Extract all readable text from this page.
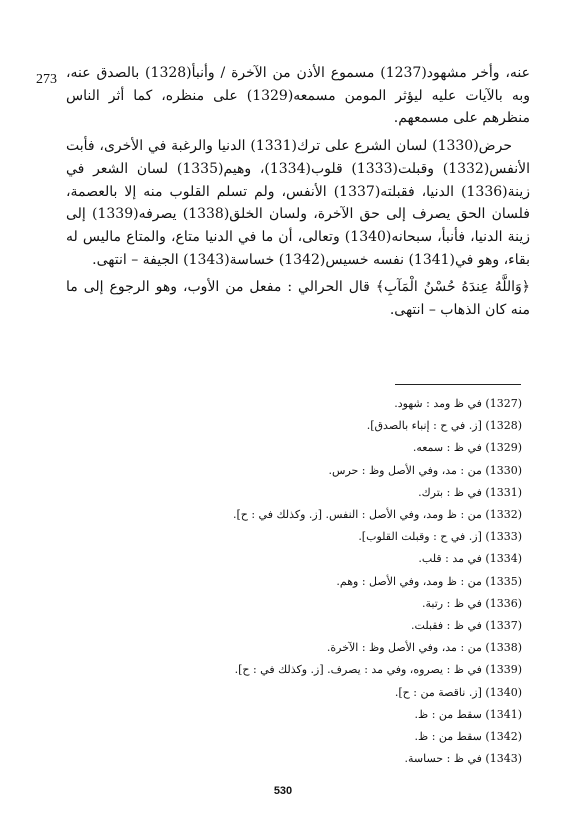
273 عنه، وأخر مشهود(1237) مسموع الأذن من الآخرة / وأنبأ(1328) بالصدق عنه، وبه بالآيات عليه ليؤثر المومن مسمعه(1329) على منظره، كما أثر الناس منظرهم على مسمعهم.

حرض(1330) لسان الشرع على ترك(1331) الدنيا والرغبة في الأخرى، فأبت الأنفس(1332) وقبلت(1333) قلوب(1334)، وهيم(1335) لسان الشعر في زينة(1336) الدنيا، فقبلته(1337) الأنفس، ولم تسلم القلوب منه إلا بالعصمة، فلسان الحق يصرف إلى حق الآخرة، ولسان الخلق(1338) يصرفه(1339) إلى زينة الدنيا، فأنبأ، سبحانه(1340) وتعالى، أن ما في الدنيا متاع، والمتاع ماليس له بقاء، وهو في(1341) نفسه خسيس(1342) خساسة(1343) الجيفة – انتهى.

﴿وَاللَّهُ عِندَهُ حُسْنُ الْمَآبِ﴾ قال الحرالي : مفعل من الأوب، وهو الرجوع إلى ما منه كان الذهاب – انتهى.

(1327) في ظ ومد : شهود.

(1328) [ز. في ح : إنباء بالصدق].

(1329) في ظ : سمعه.

(1330) من : مد، وفي الأصل وظ : حرس.

(1331) في ظ : بترك.

(1332) من : ظ ومد، وفي الأصل : النفس. [ز. وكذلك في : ح].

(1333) [ز. في ح : وقبلت القلوب].

(1334) في مد : قلب.

(1335) من : ظ ومد، وفي الأصل : وهم.

(1336) في ظ : رتبة.

(1337) في ظ : فقبلت.

(1338) من : مد، وفي الأصل وظ : الآخرة.

(1339) في ظ : يصروه، وفي مد : يصرف. [ز. وكذلك في : ح].

(1340) [ز. ناقصة من : ح].

(1341) سقط من : ظ.

(1342) سقط من : ظ.

(1343) في ظ : حساسة.

530
